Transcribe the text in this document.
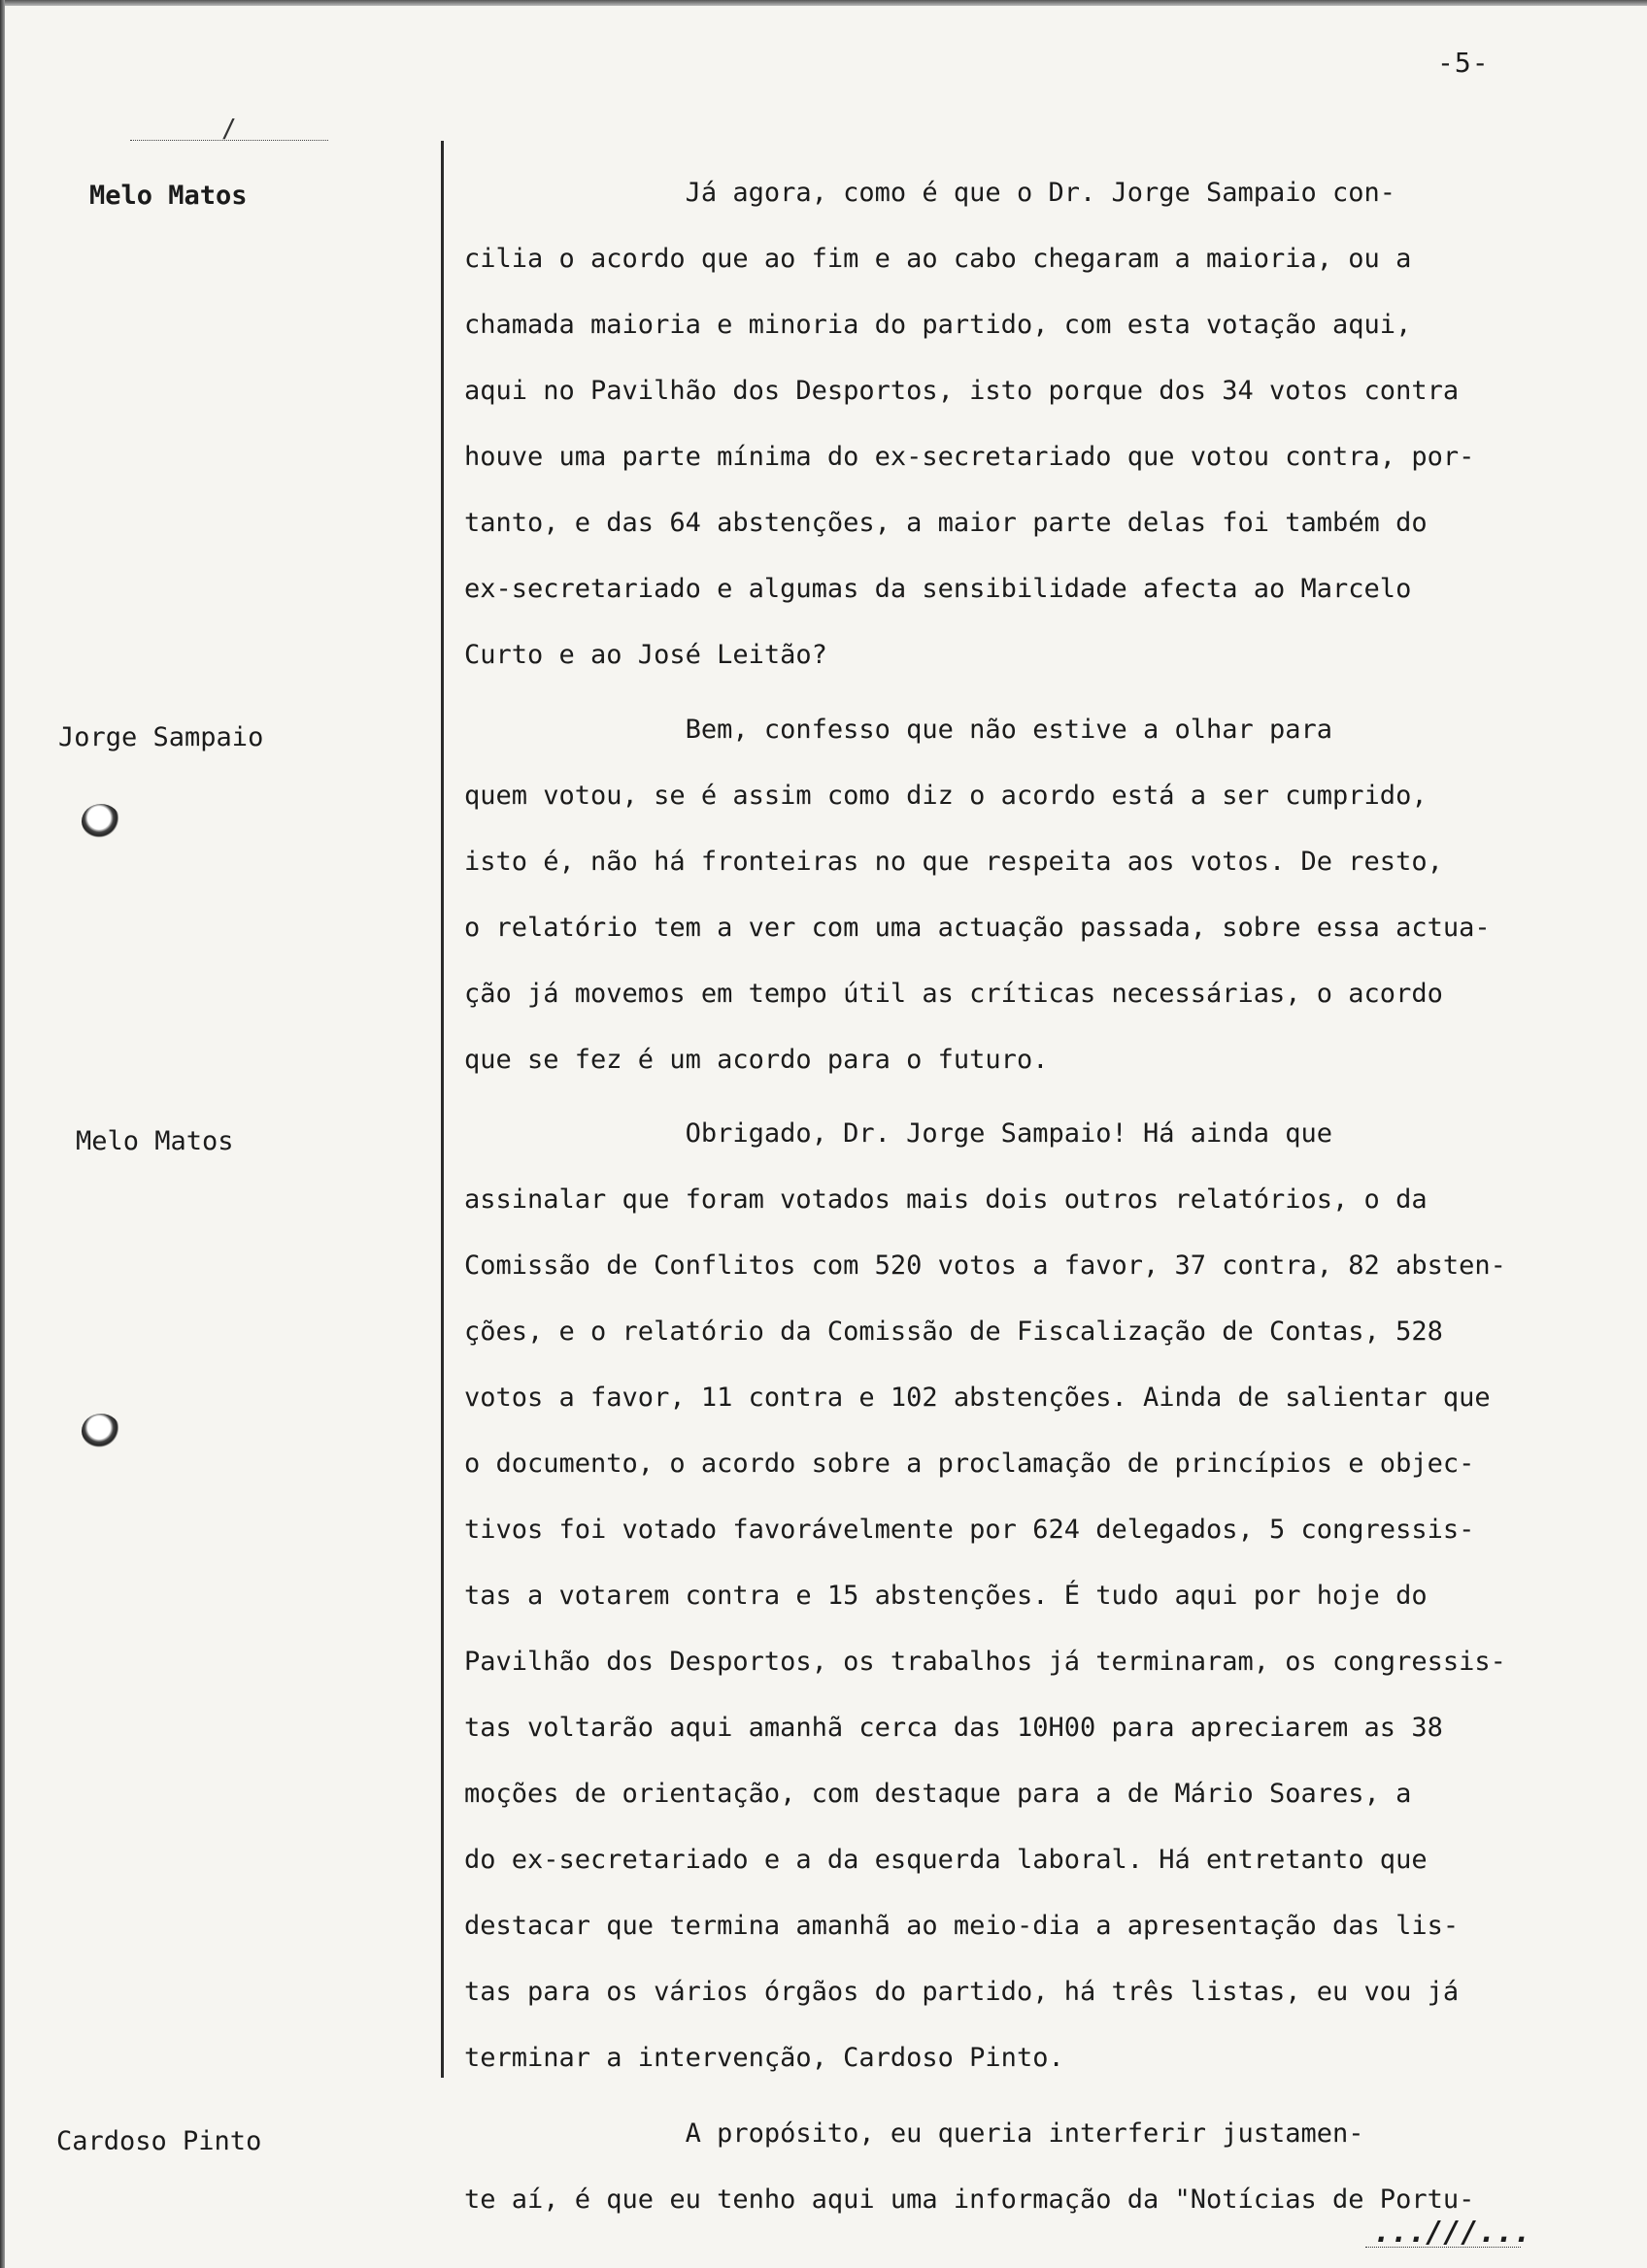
-5-
/
Melo Matos
Jorge Sampaio
Melo Matos
Cardoso Pinto

Já agora, como é que o Dr. Jorge Sampaio con-
cilia o acordo que ao fim e ao cabo chegaram a maioria, ou a
chamada maioria e minoria do partido, com esta votação aqui,
aqui no Pavilhão dos Desportos, isto porque dos 34 votos contra
houve uma parte mínima do ex-secretariado que votou contra, por-
tanto, e das 64 abstenções, a maior parte delas foi também do
ex-secretariado e algumas da sensibilidade afecta ao Marcelo
Curto e ao José Leitão?

Bem, confesso que não estive a olhar para
quem votou, se é assim como diz o acordo está a ser cumprido,
isto é, não há fronteiras no que respeita aos votos. De resto,
o relatório tem a ver com uma actuação passada, sobre essa actua-
ção já movemos em tempo útil as críticas necessárias, o acordo
que se fez é um acordo para o futuro.

Obrigado, Dr. Jorge Sampaio! Há ainda que
assinalar que foram votados mais dois outros relatórios, o da
Comissão de Conflitos com 520 votos a favor, 37 contra, 82 absten-
ções, e o relatório da Comissão de Fiscalização de Contas, 528
votos a favor, 11 contra e 102 abstenções. Ainda de salientar que
o documento, o acordo sobre a proclamação de princípios e objec-
tivos foi votado favorávelmente por 624 delegados, 5 congressis-
tas a votarem contra e 15 abstenções. É tudo aqui por hoje do
Pavilhão dos Desportos, os trabalhos já terminaram, os congressis-
tas voltarão aqui amanhã cerca das 10H00 para apreciarem as 38
moções de orientação, com destaque para a de Mário Soares, a
do ex-secretariado e a da esquerda laboral. Há entretanto que
destacar que termina amanhã ao meio-dia a apresentação das lis-
tas para os vários órgãos do partido, há três listas, eu vou já
terminar a intervenção, Cardoso Pinto.

A propósito, eu queria interferir justamen-
te aí, é que eu tenho aqui uma informação da "Notícias de Portu-

...///...
